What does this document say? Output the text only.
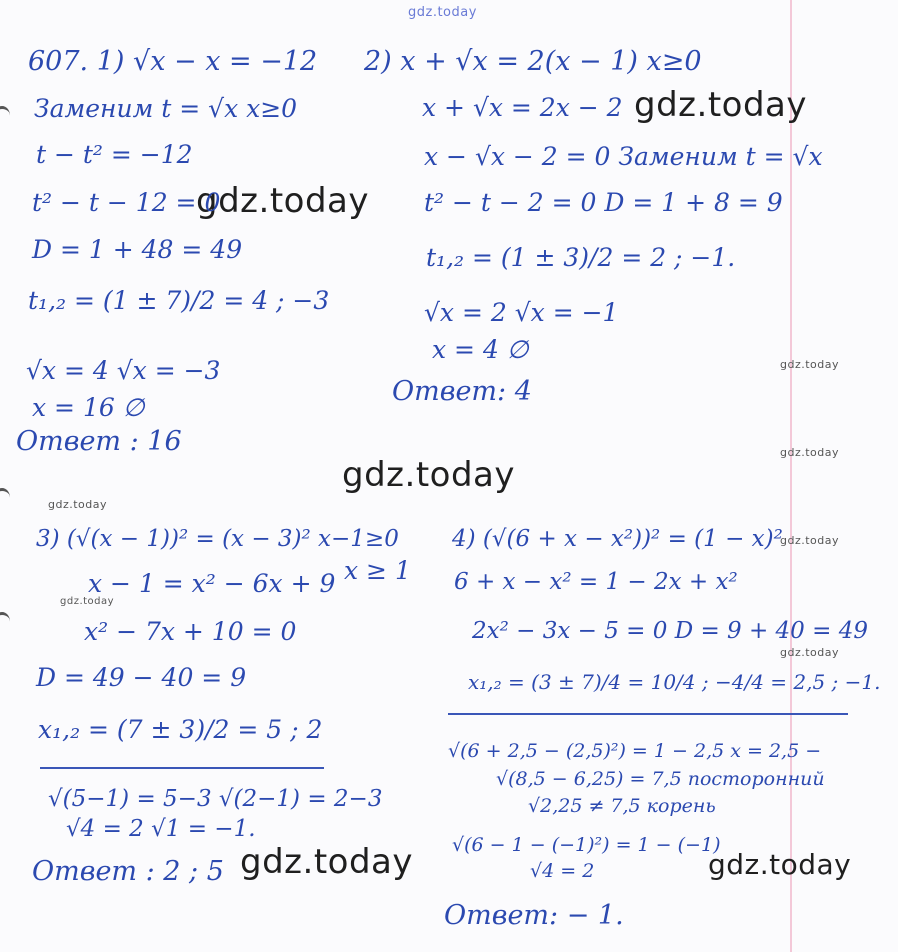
gdz.today
gdz.today
gdz.today
gdz.today
gdz.today
gdz.today
gdz.today
gdz.today
gdz.today
gdz.today
gdz.today	gdz.today
607. 1) √x − x = −12
Заменим t = √x x≥0
t − t² = −12
t² − t − 12 = 0
D = 1 + 48 = 49
t₁,₂ = (1 ± 7)/2 = 4 ; −3
√x = 4 √x = −3
x = 16 ∅
Ответ : 16
2) x + √x = 2(x − 1) x≥0
x + √x = 2x − 2
x − √x − 2 = 0 Заменим t = √x
t² − t − 2 = 0 D = 1 + 8 = 9
t₁,₂ = (1 ± 3)/2 = 2 ; −1.
√x = 2 √x = −1
x = 4 ∅
Ответ: 4
3) (√(x − 1))² = (x − 3)² x−1≥0
x ≥ 1
x − 1 = x² − 6x + 9
x² − 7x + 10 = 0
D = 49 − 40 = 9
x₁,₂ = (7 ± 3)/2 = 5 ; 2
√(5−1) = 5−3 √(2−1) = 2−3
√4 = 2 √1 = −1.
Ответ : 2 ; 5
4) (√(6 + x − x²))² = (1 − x)²
6 + x − x² = 1 − 2x + x²
2x² − 3x − 5 = 0 D = 9 + 40 = 49
x₁,₂ = (3 ± 7)/4 = 10/4 ; −4/4 = 2,5 ; −1.
√(6 + 2,5 − (2,5)²) = 1 − 2,5 x = 2,5 −
√(8,5 − 6,25) = 7,5 посторонний
√2,25 ≠ 7,5 корень
√(6 − 1 − (−1)²) = 1 − (−1)
√4 = 2
Ответ: − 1.
